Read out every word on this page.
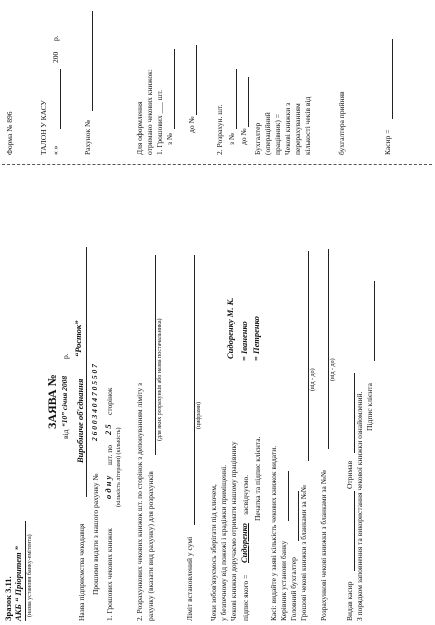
Зразок 3.11. АКБ “ Пріоритет ” (назва установи банку-емітента)
ЗАЯВА №
від
“10” січня 2008
р.
Назва підприємства чекодавця
Виробниче об'єднання
“Росток”
Прошимо видати з нашого рахунку №
2 6 0 0 3 4 0 4 7 0 5 5 0 7
1. Грошових чекових книжок
о д н у
шт. по
2 5
сторінок
(кількість літерами) (кількість) 2. Розрахункових чекових книжок шт. по сторінок з депонуванням ліміту з рахунку (вказати вид рахунку) для розрахунків
(для яких розрахунків або назва постачальника)
Ліміт встановлений у сумі
(цифрами)
Чеки зобов'язуємось зберігати під ключем, у безпечному від пожежі і крадіжки приміщенні. Чекові книжки доручаємо отримати нашому працівнику
Сидоренку М. К.
підпис якого =
Сидоренко
засвідчуємо.
= Іваненко
Печатка та підпис клієнта.
= Петренко
Касі: видайте у заявi кількість чекових книжок видати. Керівник установи банку Головний бухгалтер Грошові чекові книжки з бланками за №№
(від - до)
Розрахункові чекові книжки з бланками за №№
(від - до)
Видав касир
Отримав З порядком заповнення та використання чекової книжки ознайомлений. Підпис клієнта
Форма № 896	ТАЛОН У КАСУ « »
200
р.
Рахунок №	Для оформлення отримано чекових книжок: 1. Грошових ___ шт. з №
до №	2. Розрахун. шт. з № до № Бухгалтер (операційний працівник) = Чекові книжки з перерахуванням кількості чеків від	бухгалтера прийняв	Касир =
